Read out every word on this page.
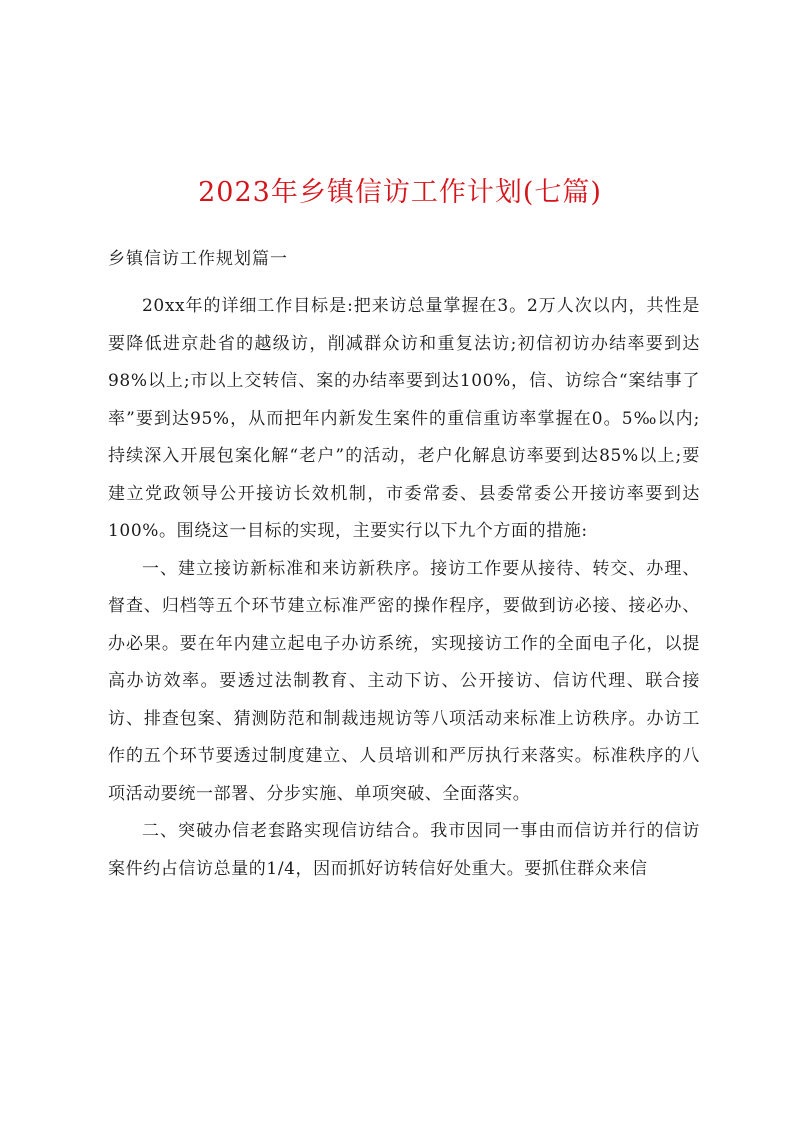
2023年乡镇信访工作计划(七篇)
乡镇信访工作规划篇一

20xx年的详细工作目标是:把来访总量掌握在3。2万人次以内，共性是要降低进京赴省的越级访，削减群众访和重复法访;初信初访办结率要到达98%以上;市以上交转信、案的办结率要到达100%，信、访综合“案结事了率”要到达95%，从而把年内新发生案件的重信重访率掌握在0。5‰以内;持续深入开展包案化解“老户”的活动，老户化解息访率要到达85%以上;要建立党政领导公开接访长效机制，市委常委、县委常委公开接访率要到达100%。围绕这一目标的实现，主要实行以下九个方面的措施:

一、建立接访新标准和来访新秩序。接访工作要从接待、转交、办理、督查、归档等五个环节建立标准严密的操作程序，要做到访必接、接必办、办必果。要在年内建立起电子办访系统，实现接访工作的全面电子化，以提高办访效率。要透过法制教育、主动下访、公开接访、信访代理、联合接访、排查包案、猜测防范和制裁违规访等八项活动来标准上访秩序。办访工作的五个环节要透过制度建立、人员培训和严厉执行来落实。标准秩序的八项活动要统一部署、分步实施、单项突破、全面落实。

二、突破办信老套路实现信访结合。我市因同一事由而信访并行的信访案件约占信访总量的1/4，因而抓好访转信好处重大。要抓住群众来信
